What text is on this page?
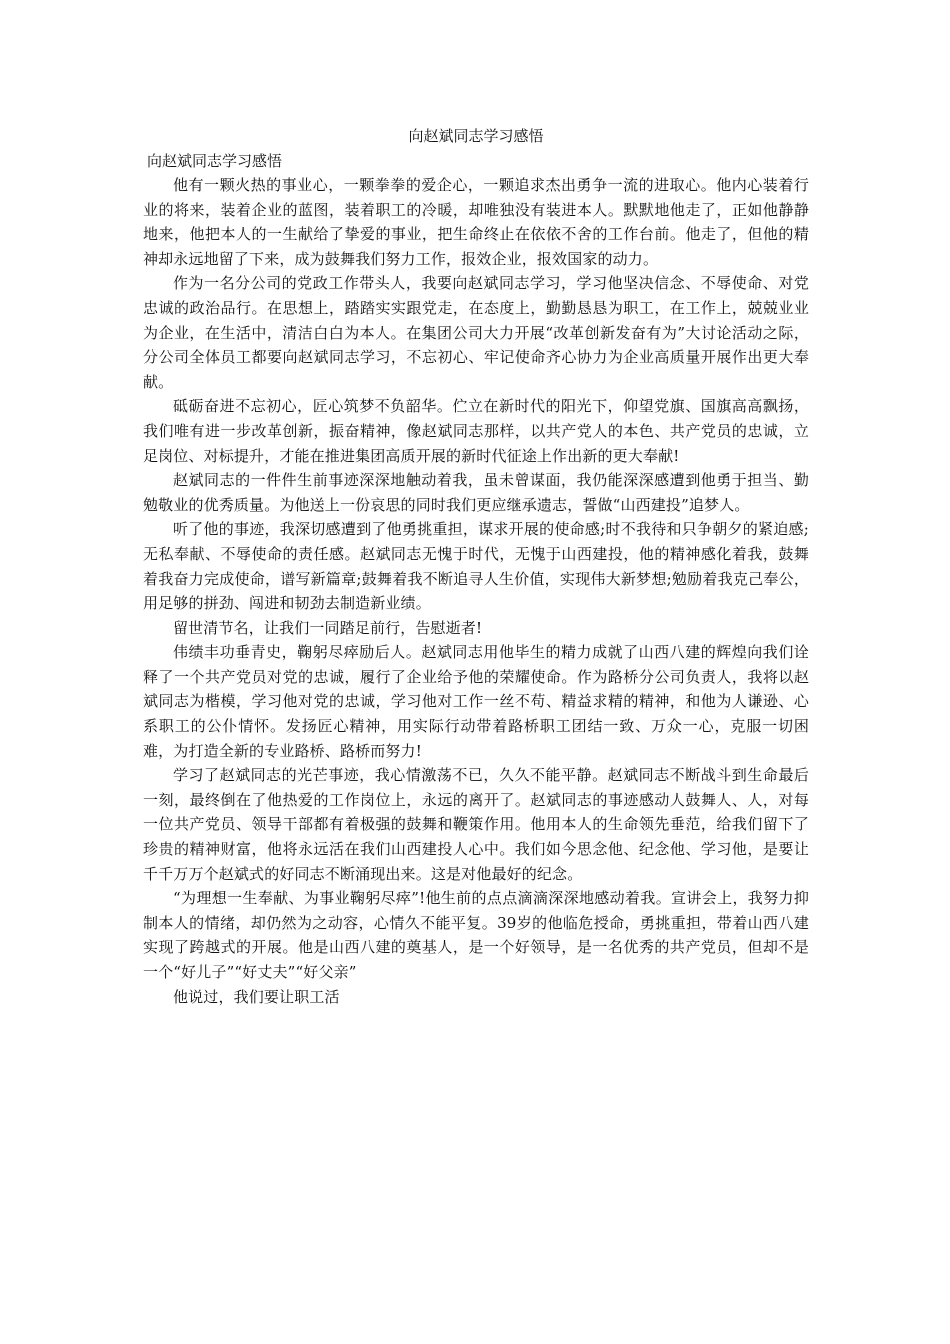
向赵斌同志学习感悟
向赵斌同志学习感悟

他有一颗火热的事业心，一颗拳拳的爱企心，一颗追求杰出勇争一流的进取心。他内心装着行业的将来，装着企业的蓝图，装着职工的冷暖，却唯独没有装进本人。默默地他走了，正如他静静地来，他把本人的一生献给了挚爱的事业，把生命终止在依依不舍的工作台前。他走了，但他的精神却永远地留了下来，成为鼓舞我们努力工作，报效企业，报效国家的动力。

作为一名分公司的党政工作带头人，我要向赵斌同志学习，学习他坚决信念、不辱使命、对党忠诚的政治品行。在思想上，踏踏实实跟党走，在态度上，勤勤恳恳为职工，在工作上，兢兢业业为企业，在生活中，清洁白白为本人。在集团公司大力开展“改革创新发奋有为”大讨论活动之际，分公司全体员工都要向赵斌同志学习，不忘初心、牢记使命齐心协力为企业高质量开展作出更大奉献。

砥砺奋进不忘初心，匠心筑梦不负韶华。伫立在新时代的阳光下，仰望党旗、国旗高高飘扬，我们唯有进一步改革创新，振奋精神，像赵斌同志那样，以共产党人的本色、共产党员的忠诚，立足岗位、对标提升，才能在推进集团高质开展的新时代征途上作出新的更大奉献!

赵斌同志的一件件生前事迹深深地触动着我，虽未曾谋面，我仍能深深感遭到他勇于担当、勤勉敬业的优秀质量。为他送上一份哀思的同时我们更应继承遗志，誓做“山西建投”追梦人。

听了他的事迹，我深切感遭到了他勇挑重担，谋求开展的使命感;时不我待和只争朝夕的紧迫感;无私奉献、不辱使命的责任感。赵斌同志无愧于时代，无愧于山西建投，他的精神感化着我，鼓舞着我奋力完成使命，谱写新篇章;鼓舞着我不断追寻人生价值，实现伟大新梦想;勉励着我克己奉公，用足够的拼劲、闯进和韧劲去制造新业绩。

留世清节名，让我们一同踏足前行，告慰逝者!

伟绩丰功垂青史，鞠躬尽瘁励后人。赵斌同志用他毕生的精力成就了山西八建的辉煌向我们诠释了一个共产党员对党的忠诚，履行了企业给予他的荣耀使命。作为路桥分公司负责人，我将以赵斌同志为楷模，学习他对党的忠诚，学习他对工作一丝不苟、精益求精的精神，和他为人谦逊、心系职工的公仆情怀。发扬匠心精神，用实际行动带着路桥职工团结一致、万众一心，克服一切困难，为打造全新的专业路桥、路桥而努力!

学习了赵斌同志的光芒事迹，我心情激荡不已，久久不能平静。赵斌同志不断战斗到生命最后一刻，最终倒在了他热爱的工作岗位上，永远的离开了。赵斌同志的事迹感动人鼓舞人、人，对每一位共产党员、领导干部都有着极强的鼓舞和鞭策作用。他用本人的生命领先垂范，给我们留下了珍贵的精神财富，他将永远活在我们山西建投人心中。我们如今思念他、纪念他、学习他，是要让千千万万个赵斌式的好同志不断涌现出来。这是对他最好的纪念。

“为理想一生奉献、为事业鞠躬尽瘁”!他生前的点点滴滴深深地感动着我。宣讲会上，我努力抑制本人的情绪，却仍然为之动容，心情久不能平复。39岁的他临危授命，勇挑重担，带着山西八建实现了跨越式的开展。他是山西八建的奠基人，是一个好领导，是一名优秀的共产党员，但却不是一个“好儿子”“好丈夫”“好父亲”

他说过，我们要让职工活
